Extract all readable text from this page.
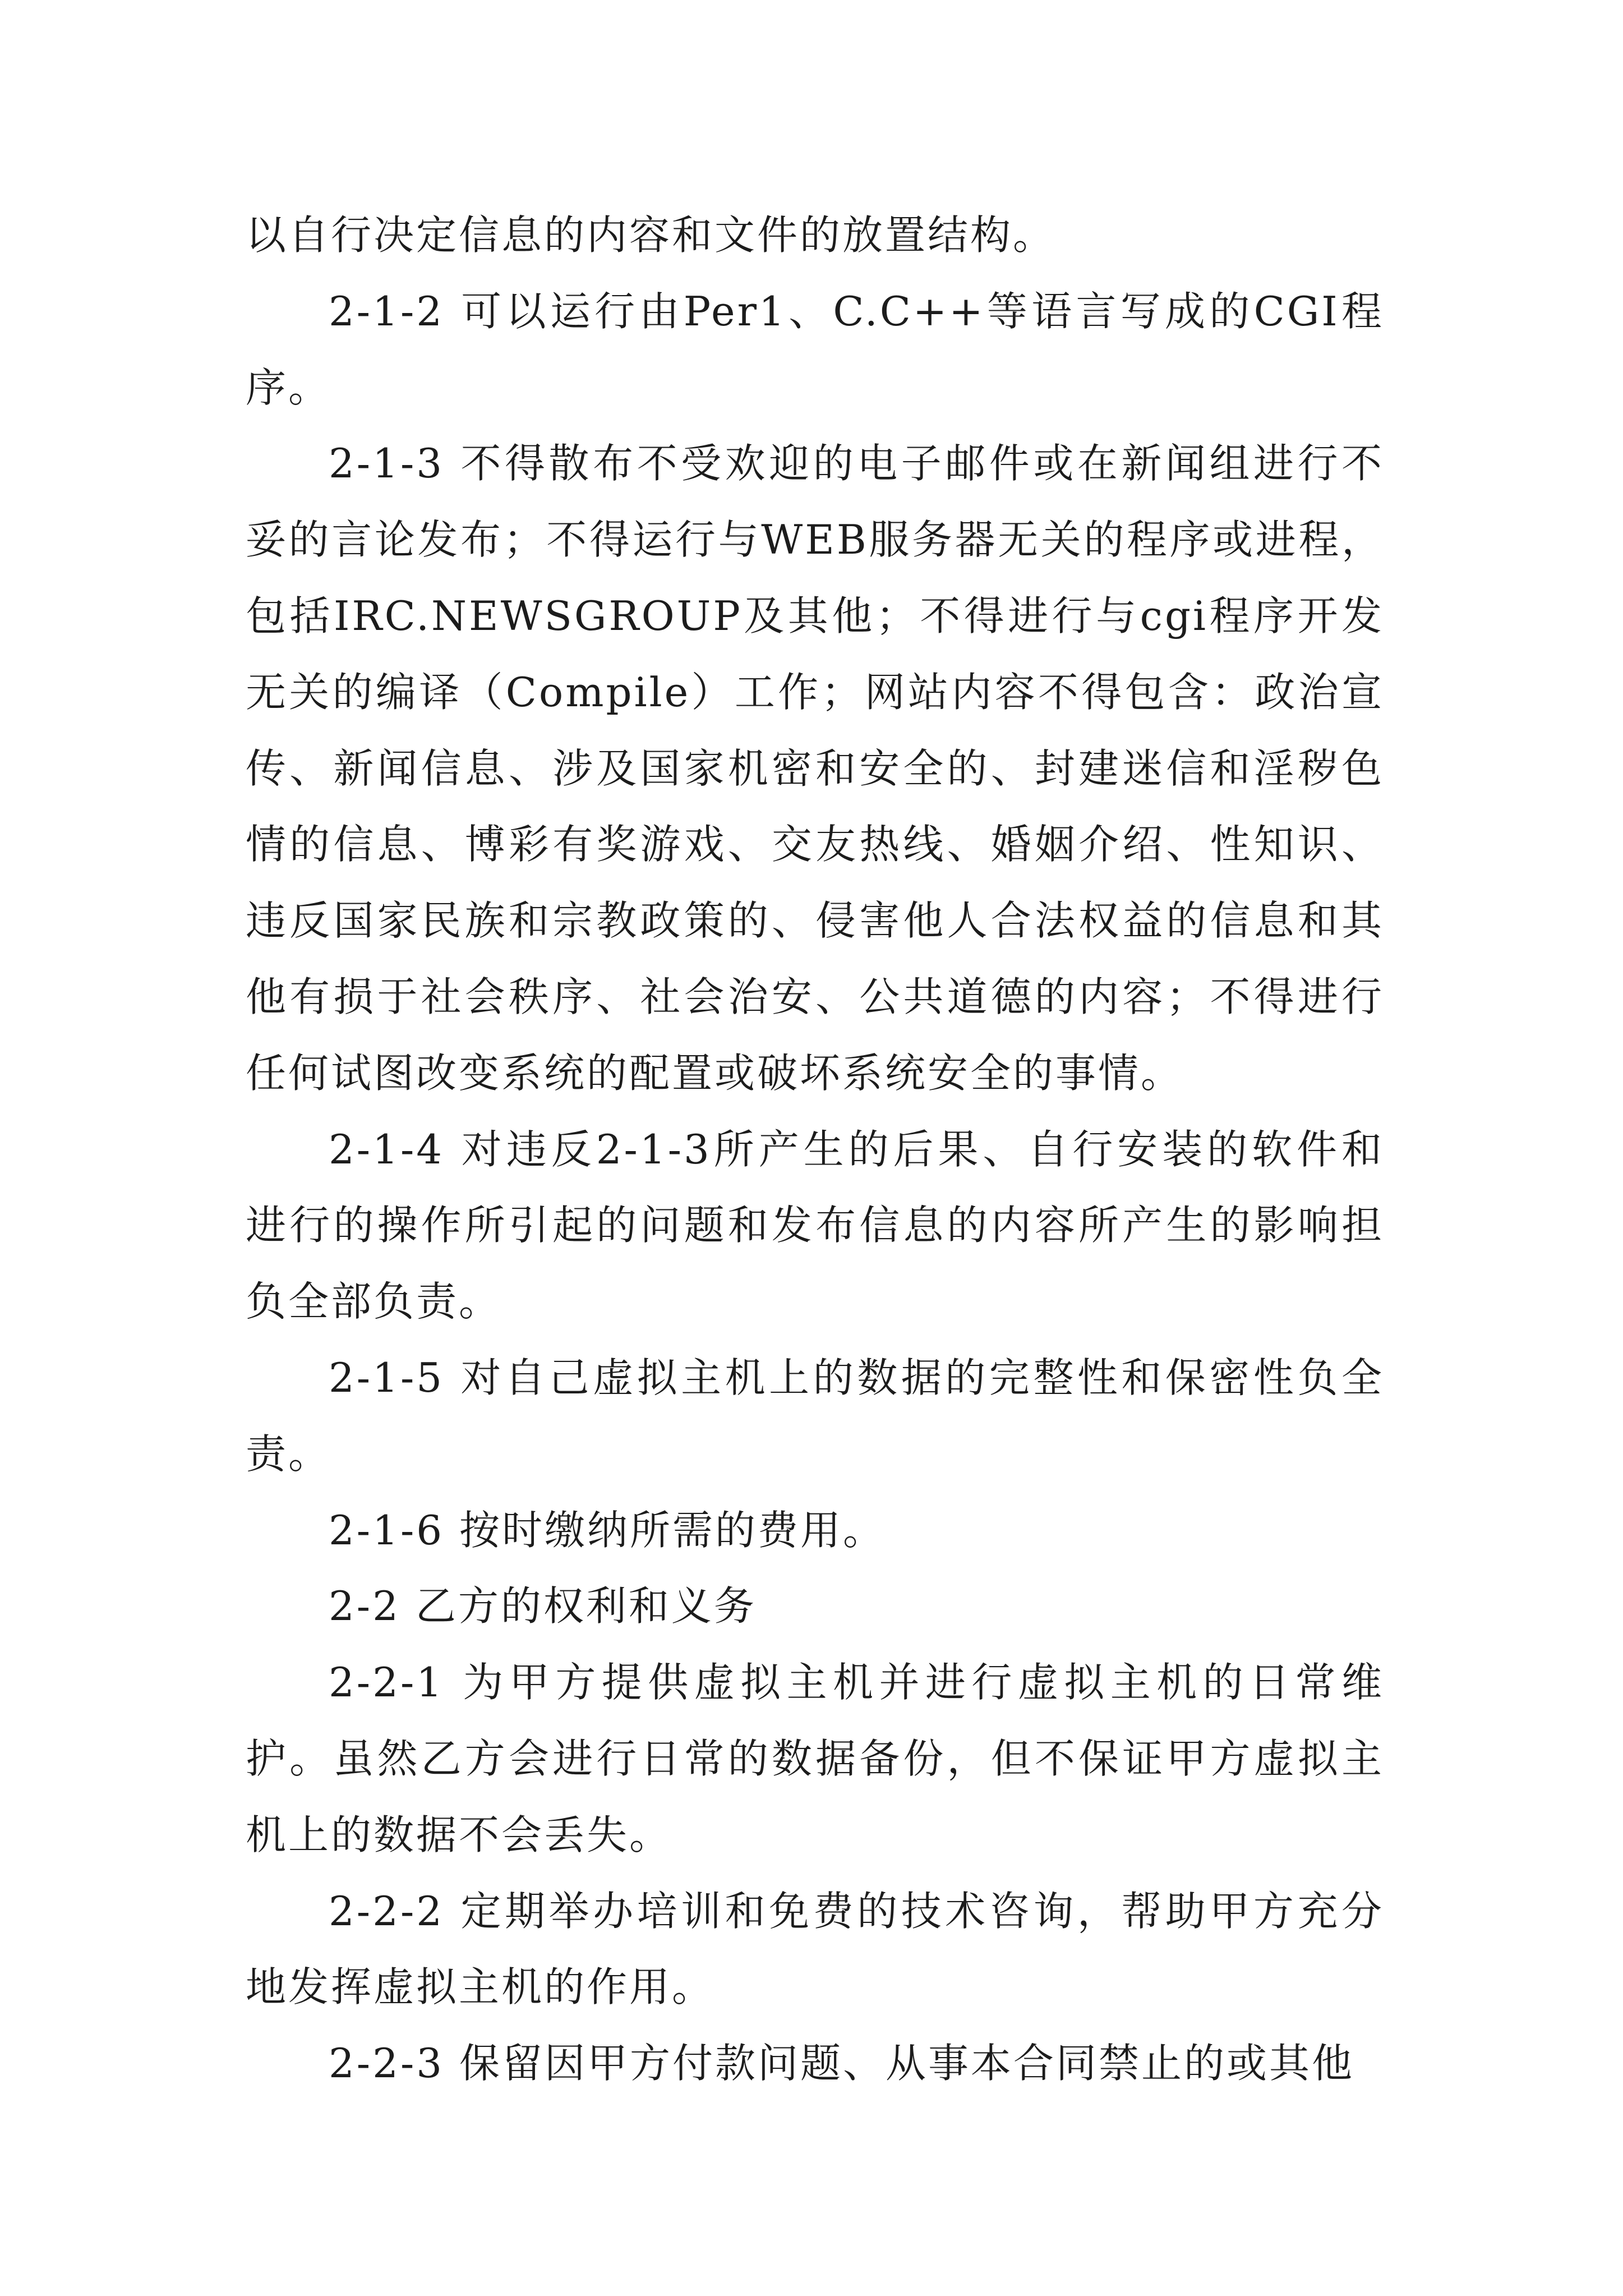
以自行决定信息的内容和文件的放置结构。

2-1-2 可以运行由Per1、C.C++等语言写成的CGI程序。

2-1-3 不得散布不受欢迎的电子邮件或在新闻组进行不妥的言论发布；不得运行与WEB服务器无关的程序或进程，包括IRC.NEWSGROUP及其他；不得进行与cgi程序开发无关的编译（Compile）工作；网站内容不得包含：政治宣传、新闻信息、涉及国家机密和安全的、封建迷信和淫秽色情的信息、博彩有奖游戏、交友热线、婚姻介绍、性知识、违反国家民族和宗教政策的、侵害他人合法权益的信息和其他有损于社会秩序、社会治安、公共道德的内容；不得进行任何试图改变系统的配置或破坏系统安全的事情。

2-1-4 对违反2-1-3所产生的后果、自行安装的软件和进行的操作所引起的问题和发布信息的内容所产生的影响担负全部负责。

2-1-5 对自己虚拟主机上的数据的完整性和保密性负全责。

2-1-6 按时缴纳所需的费用。

2-2 乙方的权利和义务

2-2-1 为甲方提供虚拟主机并进行虚拟主机的日常维护。虽然乙方会进行日常的数据备份，但不保证甲方虚拟主机上的数据不会丢失。

2-2-2 定期举办培训和免费的技术咨询，帮助甲方充分地发挥虚拟主机的作用。

2-2-3 保留因甲方付款问题、从事本合同禁止的或其他
